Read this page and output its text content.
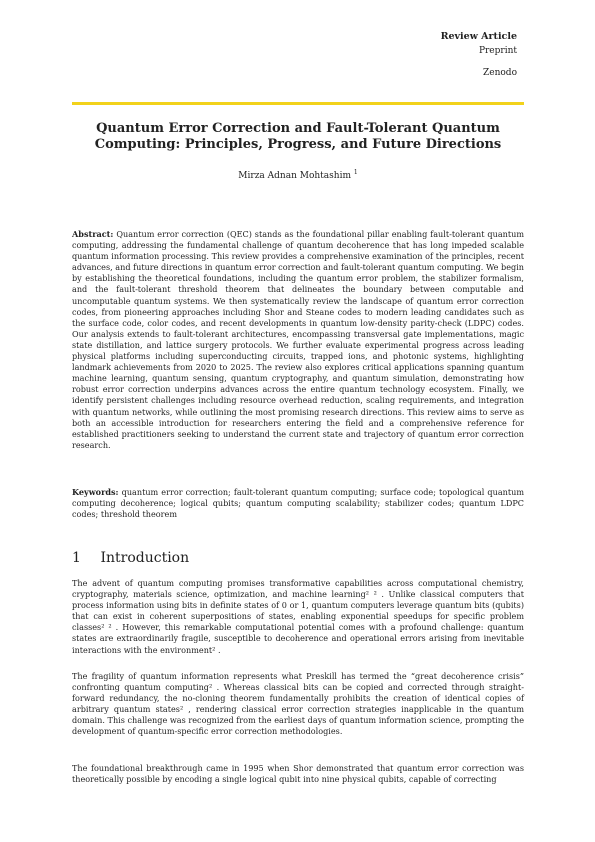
Review Article
Preprint
Zenodo
Quantum Error Correction and Fault-Tolerant Quantum
Computing: Principles, Progress, and Future Directions
Mirza Adnan Mohtashim $^1$
Abstract: Quantum error correction (QEC) stands as the foundational pillar enabling fault-tolerant quantum computing, addressing the fundamental challenge of quantum decoherence that has long impeded scalable quantum information processing. This review provides a comprehensive examination of the principles, recent advances, and future directions in quantum error correction and fault-tolerant quantum computing. We begin by establishing the theoretical foundations, including the quantum error problem, the stabilizer formalism, and the fault-tolerant threshold theorem that delineates the boundary between computable and uncomputable quantum systems. We then systematically review the landscape of quantum error correction codes, from pioneering approaches including Shor and Steane codes to modern leading candidates such as the surface code, color codes, and recent developments in quantum low-density parity-check (LDPC) codes. Our analysis extends to fault-tolerant architectures, encompassing transversal gate implementations, magic state distillation, and lattice surgery protocols. We further evaluate experimental progress across leading physical platforms including superconducting circuits, trapped ions, and photonic systems, highlighting landmark achievements from 2020 to 2025. The review also explores critical applications spanning quantum machine learning, quantum sensing, quantum cryptography, and quantum simulation, demonstrating how robust error correction underpins advances across the entire quantum technology ecosystem. Finally, we identify persistent challenges including resource overhead reduction, scaling requirements, and integration with quantum networks, while outlining the most promising research directions. This review aims to serve as both an accessible introduction for researchers entering the field and a comprehensive reference for established practitioners seeking to understand the current state and trajectory of quantum error correction research.
Keywords: quantum error correction; fault-tolerant quantum computing; surface code; topological quantum computing decoherence; logical qubits; quantum computing scalability; stabilizer codes; quantum LDPC codes; threshold theorem
1 Introduction

The advent of quantum computing promises transformative capabilities across computational chemistry, cryptography, materials science, optimization, and machine learning² ² . Unlike classical computers that process information using bits in definite states of 0 or 1, quantum computers leverage quantum bits (qubits) that can exist in coherent superpositions of states, enabling exponential speedups for specific problem classes² ² . However, this remarkable computational potential comes with a profound challenge: quantum states are extraordinarily fragile, susceptible to decoherence and operational errors arising from inevitable interactions with the environment² .

The fragility of quantum information represents what Preskill has termed the “great decoherence crisis” confronting quantum computing² . Whereas classical bits can be copied and corrected through straight-forward redundancy, the no-cloning theorem fundamentally prohibits the creation of identical copies of arbitrary quantum states² , rendering classical error correction strategies inapplicable in the quantum domain. This challenge was recognized from the earliest days of quantum information science, prompting the development of quantum-specific error correction methodologies.

The foundational breakthrough came in 1995 when Shor demonstrated that quantum error correction was theoretically possible by encoding a single logical qubit into nine physical qubits, capable of correcting
